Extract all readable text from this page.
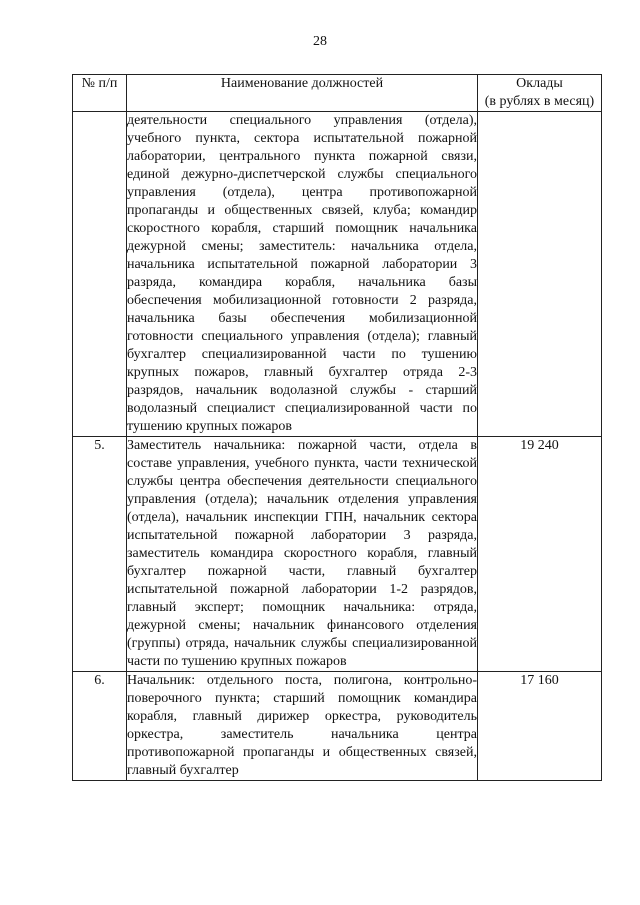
28
№ п/п	Наименование должностей	Оклады
(в рублях в месяц)

	деятельности специального управления (отдела), учебного пункта, сектора испытательной пожарной лаборатории, центрального пункта пожарной связи, единой дежурно-диспетчерской службы специального управления (отдела), центра противопожарной пропаганды и общественных связей, клуба; командир скоростного корабля, старший помощник начальника дежурной смены; заместитель: начальника отдела, начальника испытательной пожарной лаборатории 3 разряда, командира корабля, начальника базы обеспечения мобилизационной готовности 2 разряда, начальника базы обеспечения мобилизационной готовности специального управления (отдела); главный бухгалтер специализированной части по тушению крупных пожаров, главный бухгалтер отряда 2-3 разрядов, начальник водолазной службы - старший водолазный специалист специализированной части по тушению крупных пожаров	

5.	Заместитель начальника: пожарной части, отдела в составе управления, учебного пункта, части технической службы центра обеспечения деятельности специального управления (отдела); начальник отделения управления (отдела), начальник инспекции ГПН, начальник сектора испытательной пожарной лаборатории 3 разряда, заместитель командира скоростного корабля, главный бухгалтер пожарной части, главный бухгалтер испытательной пожарной лаборатории 1-2 разрядов, главный эксперт; помощник начальника: отряда, дежурной смены; начальник финансового отделения (группы) отряда, начальник службы специализированной части по тушению крупных пожаров	19 240
6.	Начальник: отдельного поста, полигона, контрольно-поверочного пункта; старший помощник командира корабля, главный дирижер оркестра, руководитель оркестра, заместитель начальника центра противопожарной пропаганды и общественных связей, главный бухгалтер	17 160
